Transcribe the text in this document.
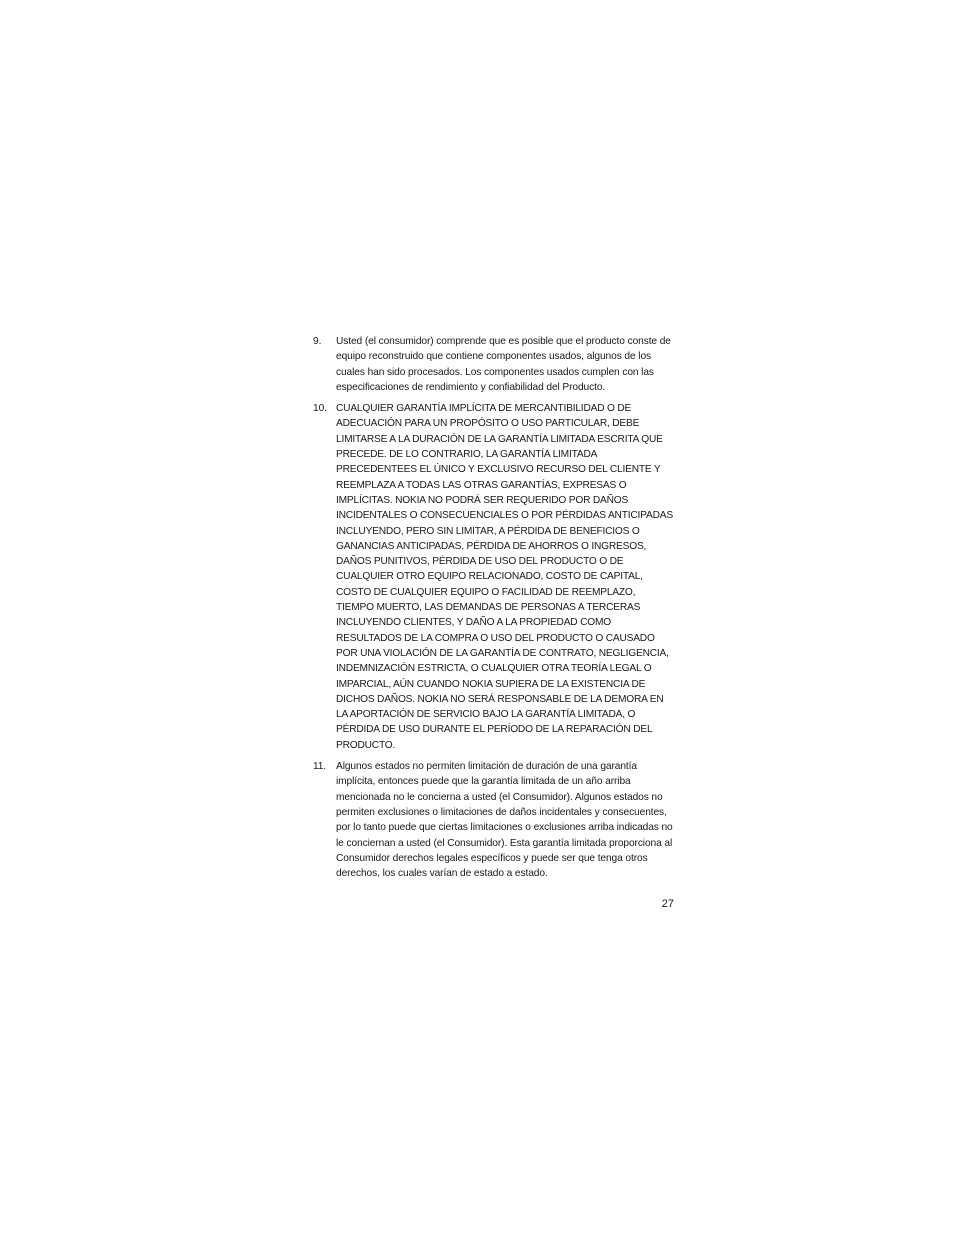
9.	Usted (el consumidor) comprende que es posible que el producto conste de equipo reconstruido que contiene componentes usados, algunos de los cuales han sido procesados. Los componentes usados cumplen con las especificaciones de rendimiento y confiabilidad del Producto.
10. CUALQUIER GARANTÍA IMPLÍCITA DE MERCANTIBILIDAD O DE ADECUACIÓN PARA UN PROPÓSITO O USO PARTICULAR, DEBE LIMITARSE A LA DURACIÓN DE LA GARANTÍA LIMITADA ESCRITA QUE PRECEDE. DE LO CONTRARIO, LA GARANTÍA LIMITADA PRECEDENTEES EL ÚNICO Y EXCLUSIVO RECURSO DEL CLIENTE Y REEMPLAZA A TODAS LAS OTRAS GARANTÍAS, EXPRESAS O IMPLÍCITAS. NOKIA NO PODRÁ SER REQUERIDO POR DAÑOS INCIDENTALES O CONSECUENCIALES O POR PÉRDIDAS ANTICIPADAS INCLUYENDO, PERO SIN LIMITAR, A PÉRDIDA DE BENEFICIOS O GANANCIAS ANTICIPADAS, PÉRDIDA DE AHORROS O INGRESOS, DAÑOS PUNITIVOS, PÉRDIDA DE USO DEL PRODUCTO O DE CUALQUIER OTRO EQUIPO RELACIONADO, COSTO DE CAPITAL, COSTO DE CUALQUIER EQUIPO O FACILIDAD DE REEMPLAZO, TIEMPO MUERTO, LAS DEMANDAS DE PERSONAS A TERCERAS INCLUYENDO CLIENTES, Y DAÑO A LA PROPIEDAD COMO RESULTADOS DE LA COMPRA O USO DEL PRODUCTO O CAUSADO POR UNA VIOLACIÓN DE LA GARANTÍA DE CONTRATO, NEGLIGENCIA, INDEMNIZACIÓN ESTRICTA, O CUALQUIER OTRA TEORÍA LEGAL O IMPARCIAL, AÚN CUANDO NOKIA SUPIERA DE LA EXISTENCIA DE DICHOS DAÑOS. NOKIA NO SERÁ RESPONSABLE DE LA DEMORA EN LA APORTACIÓN DE SERVICIO BAJO LA GARANTÍA LIMITADA, O PÉRDIDA DE USO DURANTE EL PERÍODO DE LA REPARACIÓN DEL PRODUCTO.
11. Algunos estados no permiten limitación de duración de una garantía implícita, entonces puede que la garantía limitada de un año arriba mencionada no le concierna a usted (el Consumidor). Algunos estados no permiten exclusiones o limitaciones de daños incidentales y consecuentes, por lo tanto puede que ciertas limitaciones o exclusiones arriba indicadas no le conciernan a usted (el Consumidor). Esta garantía limitada proporciona al Consumidor derechos legales específicos y puede ser que tenga otros derechos, los cuales varían de estado a estado.
27
